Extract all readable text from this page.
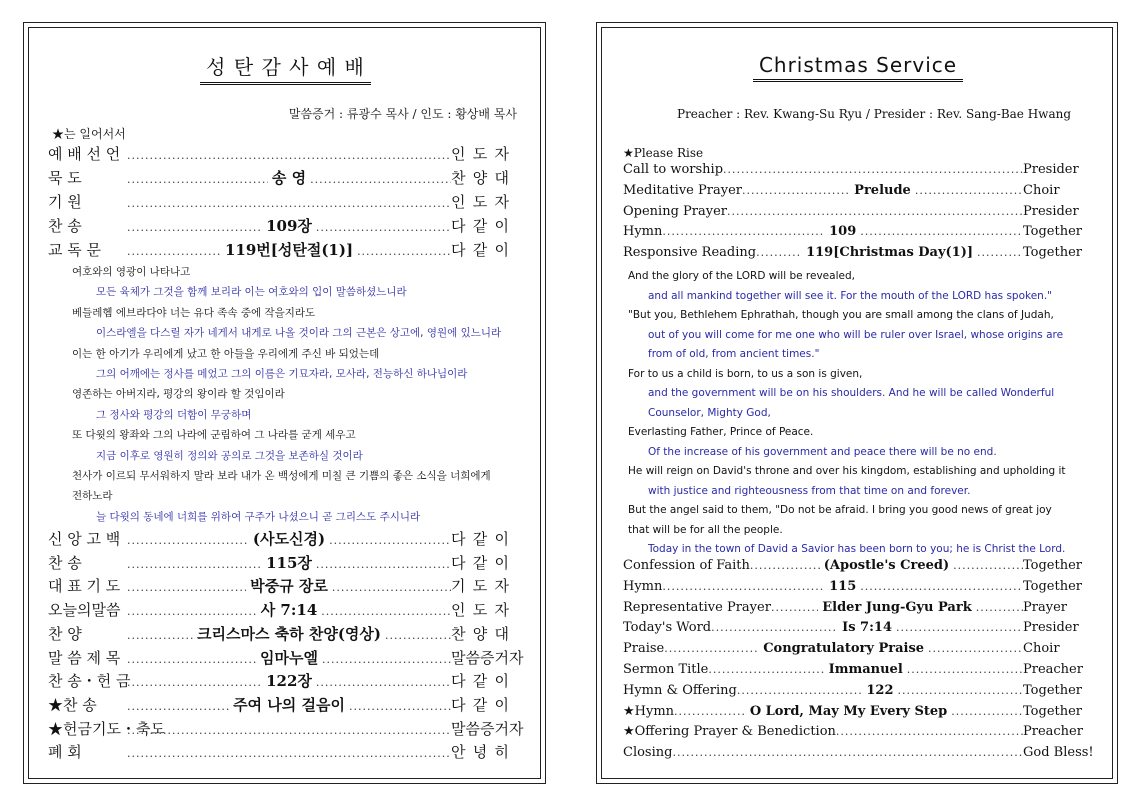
성 탄 감 사 예 배
말씀증거 : 류광수 목사 / 인도 : 황상배 목사
★는 일어서서
예 배 선 언 .....	인 도 자
묵 도 .....	송 영 .....	찬 양 대
기 원 .....	인 도 자
찬 송 .....	109장 .....	다 같 이
교 독 문 .....	119번[성탄절(1)] .....	다 같 이
여호와의 영광이 나타나고
모든 육체가 그것을 함께 보리라 이는 여호와의 입이 말씀하셨느니라
베들레헴 에브라다야 너는 유다 족속 중에 작을지라도
이스라엘을 다스릴 자가 네게서 내게로 나올 것이라 그의 근본은 상고에, 영원에 있느니라
이는 한 아기가 우리에게 났고 한 아들을 우리에게 주신 바 되었는데
그의 어깨에는 정사를 메었고 그의 이름은 기묘자라, 모사라, 전능하신 하나님이라
영존하는 아버지라, 평강의 왕이라 할 것임이라
그 정사와 평강의 더함이 무궁하며
또 다윗의 왕좌와 그의 나라에 군림하여 그 나라를 굳게 세우고
지금 이후로 영원히 정의와 공의로 그것을 보존하실 것이라
천사가 이르되 무서워하지 말라 보라 내가 온 백성에게 미칠 큰 기쁨의 좋은 소식을 너희에게
전하노라
늘 다윗의 동네에 너희를 위하여 구주가 나셨으니 곧 그리스도 주시니라
신 앙 고 백 .....	(사도신경) .....	다 같 이
찬 송 .....	115장 .....	다 같 이
대 표 기 도 .....	박중규 장로 .....	기 도 자
오늘의말씀 .....	사 7:14 .....	인 도 자
찬 양 .....	크리스마스 축하 찬양(영상) .....	찬 양 대
말 씀 제 목 .....	임마누엘 .....	말씀증거자
찬 송・헌 금 .....	122장 .....	다 같 이
★찬 송 .....	주여 나의 걸음이 .....	다 같 이
★헌금기도・축도 .....	말씀증거자
폐 회 .....	안 녕 히
Christmas Service
Preacher : Rev. Kwang-Su Ryu / Presider : Rev. Sang-Bae Hwang
★Please Rise
Call to worship .....	Presider
Meditative Prayer .....	Prelude .....	Choir
Opening Prayer .....	Presider
Hymn .....	109 .....	Together
Responsive Reading .....	119[Christmas Day(1)] .....	Together
And the glory of the LORD will be revealed,
and all mankind together will see it. For the mouth of the LORD has spoken."
"But you, Bethlehem Ephrathah, though you are small among the clans of Judah,
out of you will come for me one who will be ruler over Israel, whose origins are
from of old, from ancient times."
For to us a child is born, to us a son is given,
and the government will be on his shoulders. And he will be called Wonderful
Counselor, Mighty God,
Everlasting Father, Prince of Peace.
Of the increase of his government and peace there will be no end.
He will reign on David's throne and over his kingdom, establishing and upholding it
with justice and righteousness from that time on and forever.
But the angel said to them, "Do not be afraid. I bring you good news of great joy
that will be for all the people.
Today in the town of David a Savior has been born to you; he is Christ the Lord.
Confession of Faith .....	(Apostle's Creed) .....	Together
Hymn .....	115 .....	Together
Representative Prayer .....	Elder Jung-Gyu Park .....	Prayer
Today's Word .....	Is 7:14 .....	Presider
Praise .....	Congratulatory Praise .....	Choir
Sermon Title .....	Immanuel .....	Preacher
Hymn & Offering .....	122 .....	Together
★Hymn .....	O Lord, May My Every Step .....	Together
★Offering Prayer & Benediction .....	Preacher
Closing .....	God Bless!
